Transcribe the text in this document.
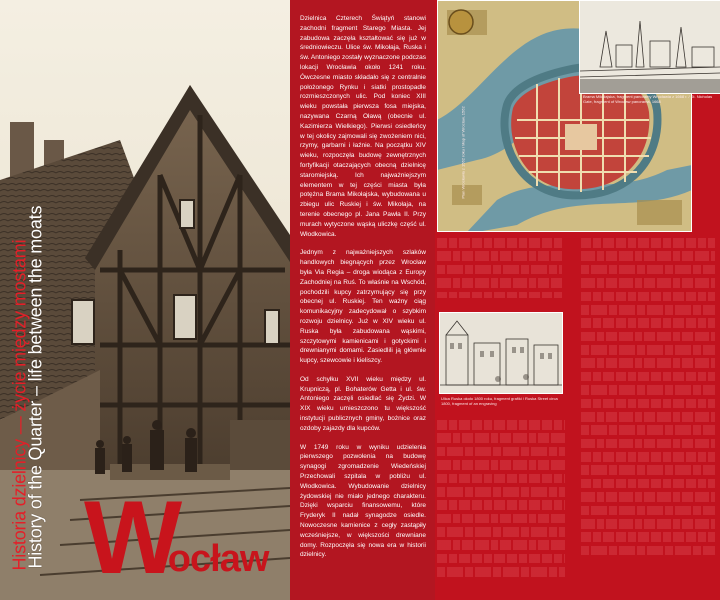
Historia dzielnicy — życie między mostami
History of the Quarter – life between the moats W
rocław

Dzielnica Czterech Świątyń stanowi zachodni fragment Starego Miasta. Jej zabudowa zaczęła kształtować się już w średniowieczu. Ulice św. Mikołaja, Ruska i św. Antoniego zostały wyznaczone podczas lokacji Wrocławia około 1241 roku. Ówczesne miasto składało się z centralnie położonego Rynku i siatki prostopadle rozmieszczonych ulic. Pod koniec XIII wieku powstała pierwsza fosa miejska, nazywana Czarną Oławą (obecnie ul. Kazimierza Wielkiego). Pierwsi osiedleńcy w tej okolicy zajmowali się zwożeniem nici, rzymy, garbarni i łaźnie. Na początku XIV wieku, rozpoczęła budowę zewnętrznych fortyfikacji otaczających obecną dzielnicę staromiejską. Ich najważniejszym elementem w tej części miasta była potężna Brama Mikołajska, wybudowana u zbiegu ulic Ruskiej i św. Mikołaja, na terenie obecnego pl. Jana Pawła II. Przy murach wytyczone wąską uliczkę część ul. Włodkowica.

Jednym z najważniejszych szlaków handlowych biegnących przez Wrocław była Via Regia – droga wiodąca z Europy Zachodniej na Ruś. To właśnie na Wschód, pochodzili kupcy zatrzymujący się przy obecnej ul. Ruskiej. Ten ważny ciąg komunikacyjny zadecydował o szybkim rozwoju dzielnicy. Już w XIV wieku ul. Ruska była zabudowana wąskimi, szczytowymi kamienicami i gotyckimi i drewnianymi domami. Zasiedlili ją głównie kupcy, szewcowie i kieliszcy.

Od schyłku XVII wieku między ul. Krupniczą, pl. Bohaterów Getta i ul. św. Antoniego zaczęli osiedlać się Żydzi. W XIX wieku umieszczono tu większość instytucji publicznych gminy, bożnice oraz ozdoby zajazdy dla kupców.

W 1749 roku w wyniku udzielenia pierwszego pozwolenia na budowę synagogi zgromadzenie Wiedeńskiej Przechowali szpitala w pobliżu ul. Włodkowica. Wybudowanie dzielnicy żydowskiej nie miało jednego charakteru. Dzięki wsparciu finansowemu, które Fryderyk II nadał synagodze osiedle. Nowoczesne kamienice z cegły zastąpiły wcześniejsze, w większości drewniane domy. Rozpoczęła się nowa era w historii dzielnicy.

Plan Wrocławia z 1562 roku / Map of Wroclaw, 1562
Brama Mikołajska, fragment panoramy Wrocławia z 1668 r. / St. Nicholas Gate, fragment of Wroclaw panorama, 1668
Ulica Ruska około 1800 roku, fragment grafiki / Ruska Street circa 1800, fragment of an engraving
